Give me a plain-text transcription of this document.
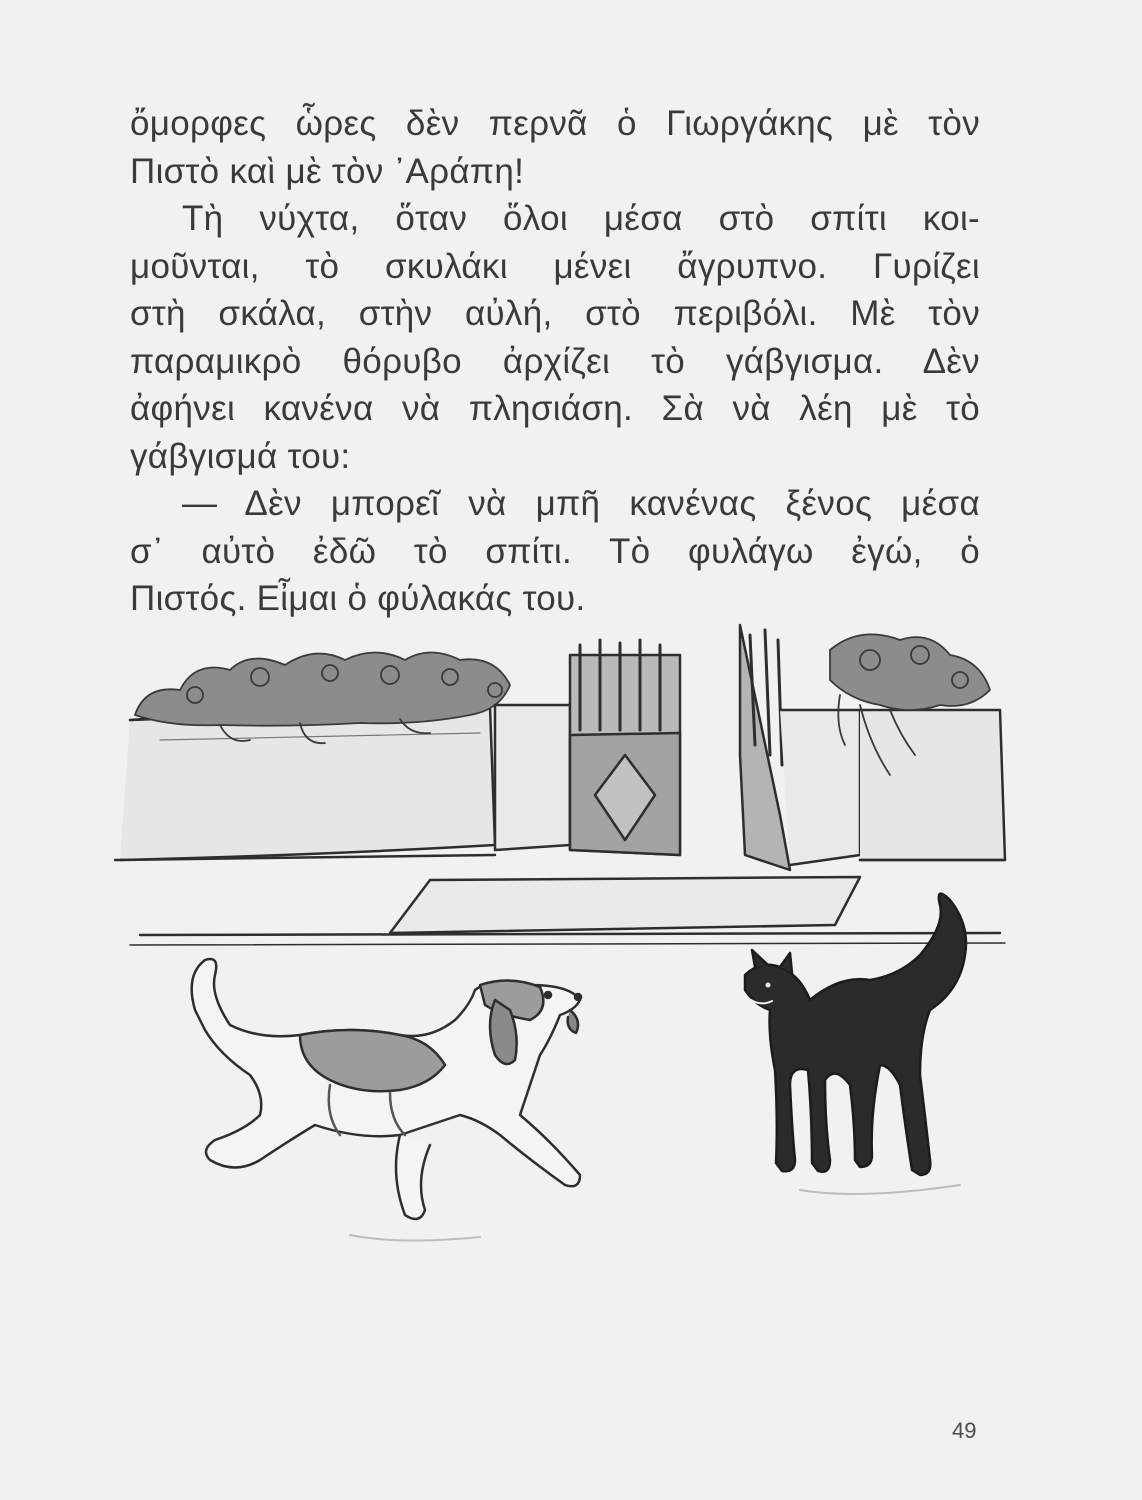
ὄμορφες ὧρες δὲν περνᾶ ὁ Γιωργάκης μὲ τὸν
Πιστὸ καὶ μὲ τὸν ᾿Αράπη!
Τὴ νύχτα, ὅταν ὅλοι μέσα στὸ σπίτι κοι-
μοῦνται, τὸ σκυλάκι μένει ἄγρυπνο. Γυρίζει
στὴ σκάλα, στὴν αὐλή, στὸ περιβόλι. Μὲ τὸν
παραμικρὸ θόρυβο ἀρχίζει τὸ γάβγισμα. Δὲν
ἀφήνει κανένα νὰ πλησιάση. Σὰ νὰ λέη μὲ τὸ
γάβγισμά του:
— Δὲν μπορεῖ νὰ μπῆ κανένας ξένος μέσα
σ᾿ αὐτὸ ἐδῶ τὸ σπίτι. Τὸ φυλάγω ἐγώ, ὁ
Πιστός. Εἶμαι ὁ φύλακάς του.
49
